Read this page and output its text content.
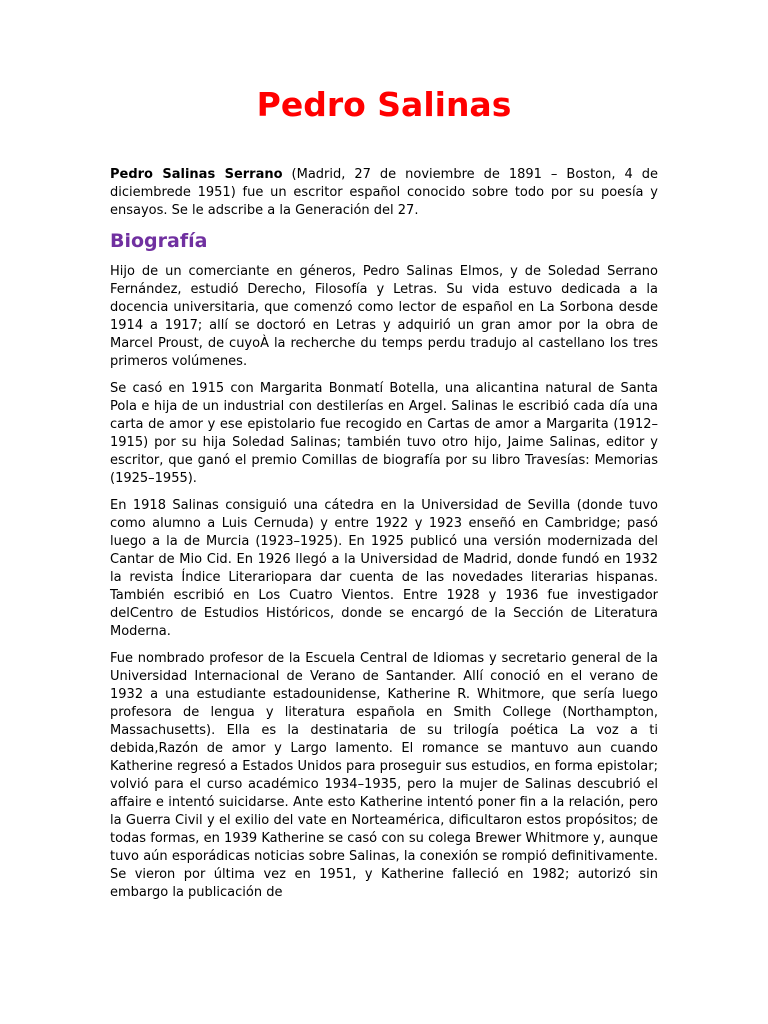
Pedro Salinas

Pedro Salinas Serrano (Madrid, 27 de noviembre de 1891 – Boston, 4 de diciembrede 1951) fue un escritor español conocido sobre todo por su poesía y ensayos. Se le adscribe a la Generación del 27.

Biografía

Hijo de un comerciante en géneros, Pedro Salinas Elmos, y de Soledad Serrano Fernández, estudió Derecho, Filosofía y Letras. Su vida estuvo dedicada a la docencia universitaria, que comenzó como lector de español en La Sorbona desde 1914 a 1917; allí se doctoró en Letras y adquirió un gran amor por la obra de Marcel Proust, de cuyoÀ la recherche du temps perdu tradujo al castellano los tres primeros volúmenes.

Se casó en 1915 con Margarita Bonmatí Botella, una alicantina natural de Santa Pola e hija de un industrial con destilerías en Argel. Salinas le escribió cada día una carta de amor y ese epistolario fue recogido en Cartas de amor a Margarita (1912–1915) por su hija Soledad Salinas; también tuvo otro hijo, Jaime Salinas, editor y escritor, que ganó el premio Comillas de biografía por su libro Travesías: Memorias (1925–1955).

En 1918 Salinas consiguió una cátedra en la Universidad de Sevilla (donde tuvo como alumno a Luis Cernuda) y entre 1922 y 1923 enseñó en Cambridge; pasó luego a la de Murcia (1923–1925). En 1925 publicó una versión modernizada del Cantar de Mio Cid. En 1926 llegó a la Universidad de Madrid, donde fundó en 1932 la revista Índice Literariopara dar cuenta de las novedades literarias hispanas. También escribió en Los Cuatro Vientos. Entre 1928 y 1936 fue investigador delCentro de Estudios Históricos, donde se encargó de la Sección de Literatura Moderna.

Fue nombrado profesor de la Escuela Central de Idiomas y secretario general de la Universidad Internacional de Verano de Santander. Allí conoció en el verano de 1932 a una estudiante estadounidense, Katherine R. Whitmore, que sería luego profesora de lengua y literatura española en Smith College (Northampton, Massachusetts). Ella es la destinataria de su trilogía poética La voz a ti debida,Razón de amor y Largo lamento. El romance se mantuvo aun cuando Katherine regresó a Estados Unidos para proseguir sus estudios, en forma epistolar; volvió para el curso académico 1934–1935, pero la mujer de Salinas descubrió el affaire e intentó suicidarse. Ante esto Katherine intentó poner fin a la relación, pero la Guerra Civil y el exilio del vate en Norteamérica, dificultaron estos propósitos; de todas formas, en 1939 Katherine se casó con su colega Brewer Whitmore y, aunque tuvo aún esporádicas noticias sobre Salinas, la conexión se rompió definitivamente. Se vieron por última vez en 1951, y Katherine falleció en 1982; autorizó sin embargo la publicación de
